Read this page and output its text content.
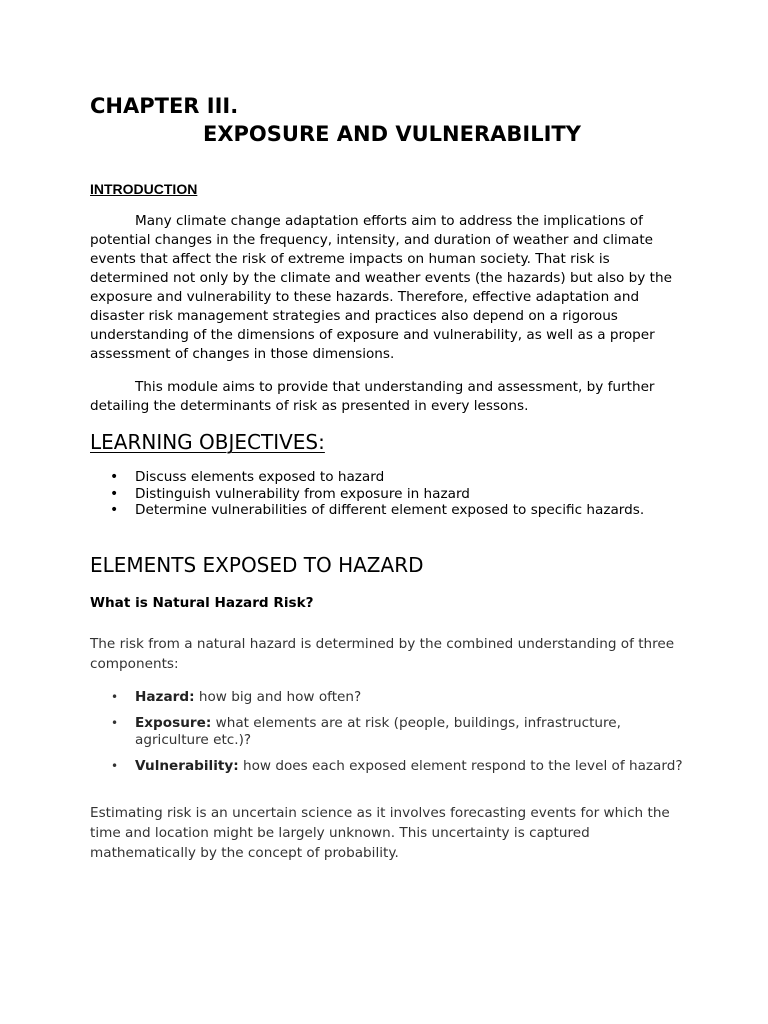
CHAPTER III.
EXPOSURE AND VULNERABILITY
INTRODUCTION

Many climate change adaptation efforts aim to address the implications of potential changes in the frequency, intensity, and duration of weather and climate events that affect the risk of extreme impacts on human society. That risk is determined not only by the climate and weather events (the hazards) but also by the exposure and vulnerability to these hazards. Therefore, effective adaptation and disaster risk management strategies and practices also depend on a rigorous understanding of the dimensions of exposure and vulnerability, as well as a proper assessment of changes in those dimensions.

This module aims to provide that understanding and assessment, by further detailing the determinants of risk as presented in every lessons.

LEARNING OBJECTIVES:
• Discuss elements exposed to hazard
• Distinguish vulnerability from exposure in hazard
• Determine vulnerabilities of different element exposed to specific hazards.
ELEMENTS EXPOSED TO HAZARD
What is Natural Hazard Risk?

The risk from a natural hazard is determined by the combined understanding of three components:

• Hazard: how big and how often?
• Exposure: what elements are at risk (people, buildings, infrastructure, agriculture etc.)?
• Vulnerability: how does each exposed element respond to the level of hazard?

Estimating risk is an uncertain science as it involves forecasting events for which the time and location might be largely unknown. This uncertainty is captured mathematically by the concept of probability.
